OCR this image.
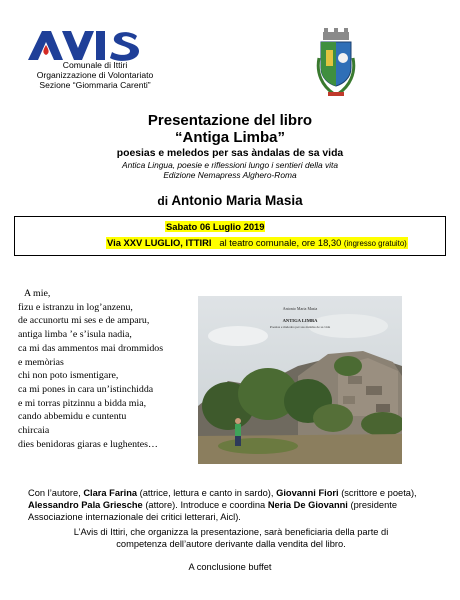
Comunale di Ittiri
Organizzazione di Volontariato
Sezione “Giommaria Carenti”
Presentazione del libro
“Antiga Limba”
poesias e meledos per sas àndalas de sa vida
Antica Lingua, poesie e riflessioni lungo i sentieri della vita
Edizione Nemapress Alghero-Roma
di Antonio Maria Masia
Sabato 06 Luglio 2019
Via XXV LUGLIO, ITTIRI al teatro comunale, ore 18,30 (ingresso gratuito)
A mie,
fizu e istranzu in log’anzenu,
de accunortu mi ses e de amparu,
antiga limba ’e s’isula nadia,
ca mi das ammentos mai drommidos
e memòrias
chi non poto ismentigare,
ca mi pones in cara un’istinchidda
e mi torras pitzinnu a bidda mia,
cando abbemidu e cuntentu
chircaia
dies benidoras giaras e lughentes…
Antonio Maria Masia
ANTIGA LIMBA
Poesias e meledos per sas àndalas de sa vida
Con l’autore, Clara Farina (attrice, lettura e canto in sardo), Giovanni Fiori (scrittore e poeta), Alessandro Pala Griesche (attore). Introduce e coordina Neria De Giovanni (presidente Associazione internazionale dei critici letterari, Aicl).
L’Avis di Ittiri, che organizza la presentazione, sarà beneficiaria della parte di competenza dell’autore derivante dalla vendita del libro.
A conclusione buffet
